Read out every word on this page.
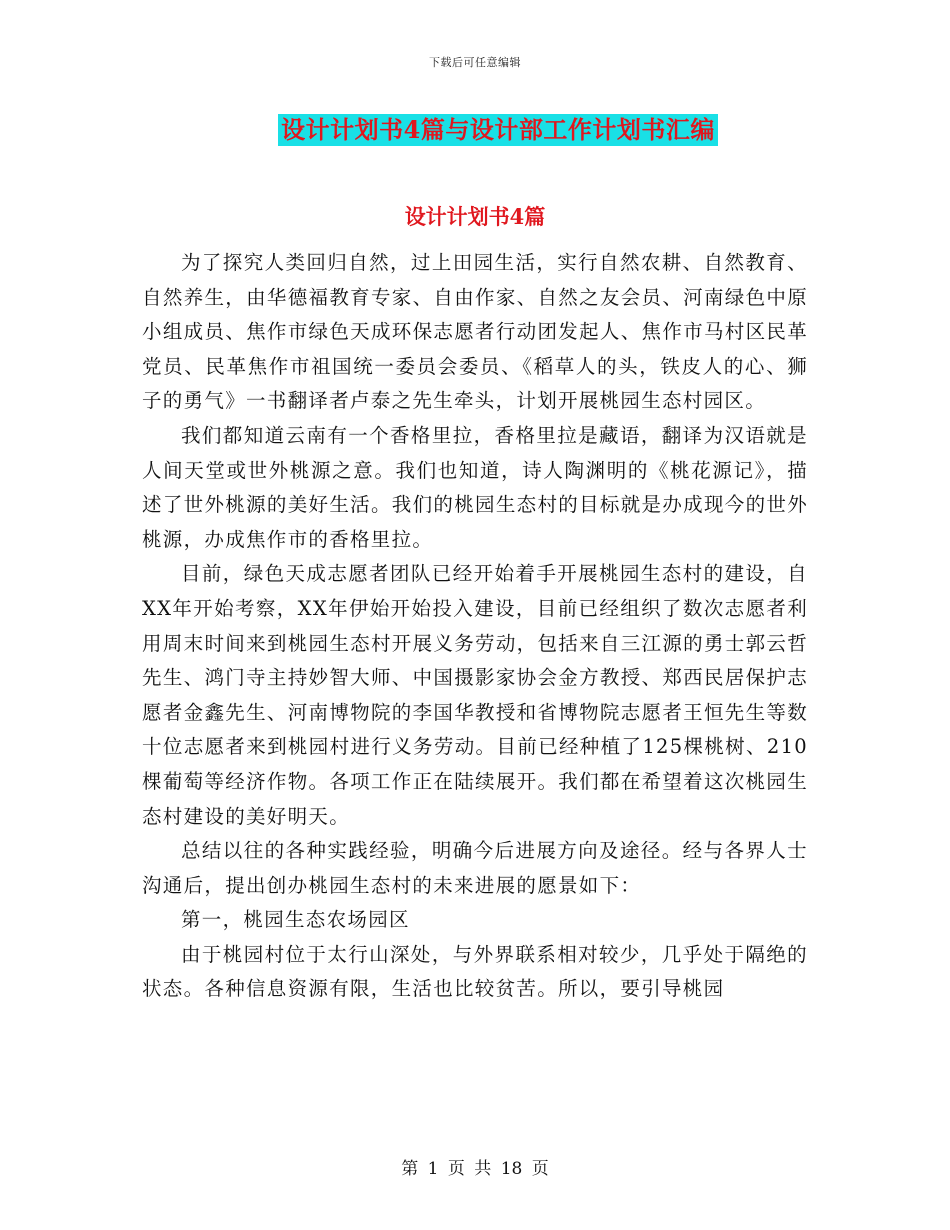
下载后可任意编辑
设计计划书4篇与设计部工作计划书汇编
设计计划书4篇

为了探究人类回归自然，过上田园生活，实行自然农耕、自然教育、自然养生，由华德福教育专家、自由作家、自然之友会员、河南绿色中原小组成员、焦作市绿色天成环保志愿者行动团发起人、焦作市马村区民革党员、民革焦作市祖国统一委员会委员、《稻草人的头，铁皮人的心、狮子的勇气》一书翻译者卢泰之先生牵头，计划开展桃园生态村园区。

我们都知道云南有一个香格里拉，香格里拉是藏语，翻译为汉语就是人间天堂或世外桃源之意。我们也知道，诗人陶渊明的《桃花源记》，描述了世外桃源的美好生活。我们的桃园生态村的目标就是办成现今的世外桃源，办成焦作市的香格里拉。

目前，绿色天成志愿者团队已经开始着手开展桃园生态村的建设，自XX年开始考察，XX年伊始开始投入建设，目前已经组织了数次志愿者利用周末时间来到桃园生态村开展义务劳动，包括来自三江源的勇士郭云哲先生、鸿门寺主持妙智大师、中国摄影家协会金方教授、郑西民居保护志愿者金鑫先生、河南博物院的李国华教授和省博物院志愿者王恒先生等数十位志愿者来到桃园村进行义务劳动。目前已经种植了125棵桃树、210棵葡萄等经济作物。各项工作正在陆续展开。我们都在希望着这次桃园生态村建设的美好明天。

总结以往的各种实践经验，明确今后进展方向及途径。经与各界人士沟通后，提出创办桃园生态村的未来进展的愿景如下：

第一，桃园生态农场园区

由于桃园村位于太行山深处，与外界联系相对较少，几乎处于隔绝的状态。各种信息资源有限，生活也比较贫苦。所以，要引导桃园

第 1 页 共 18 页
